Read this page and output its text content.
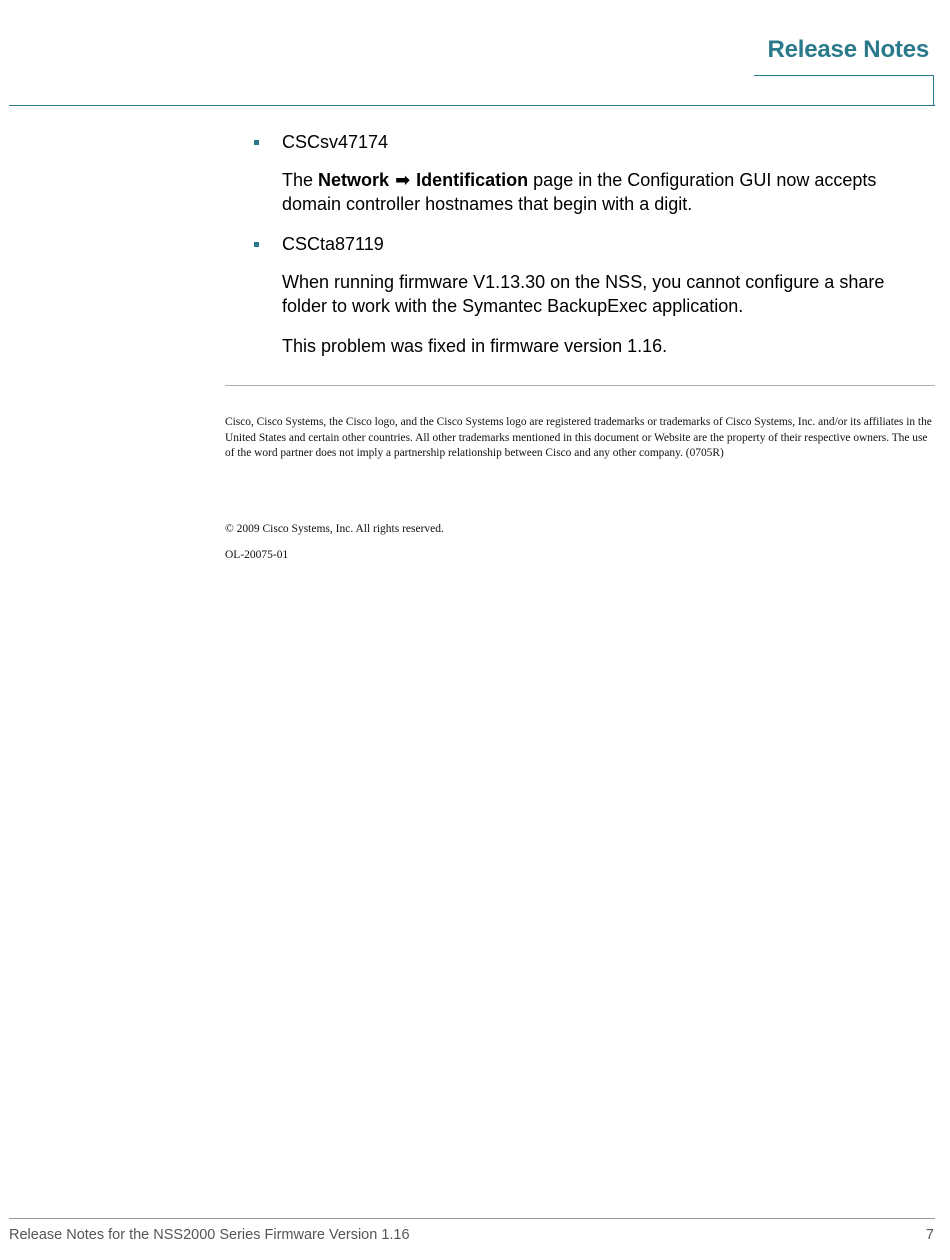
Release Notes
CSCsv47174

The Network ➡ Identification page in the Configuration GUI now accepts domain controller hostnames that begin with a digit.

CSCta87119

When running firmware V1.13.30 on the NSS, you cannot configure a share folder to work with the Symantec BackupExec application.

This problem was fixed in firmware version 1.16.

Cisco, Cisco Systems, the Cisco logo, and the Cisco Systems logo are registered trademarks or trademarks of Cisco Systems, Inc. and/or its affiliates in the United States and certain other countries. All other trademarks mentioned in this document or Website are the property of their respective owners. The use of the word partner does not imply a partnership relationship between Cisco and any other company. (0705R)
© 2009 Cisco Systems, Inc. All rights reserved.
OL-20075-01
Release Notes for the NSS2000 Series Firmware Version 1.16	7
